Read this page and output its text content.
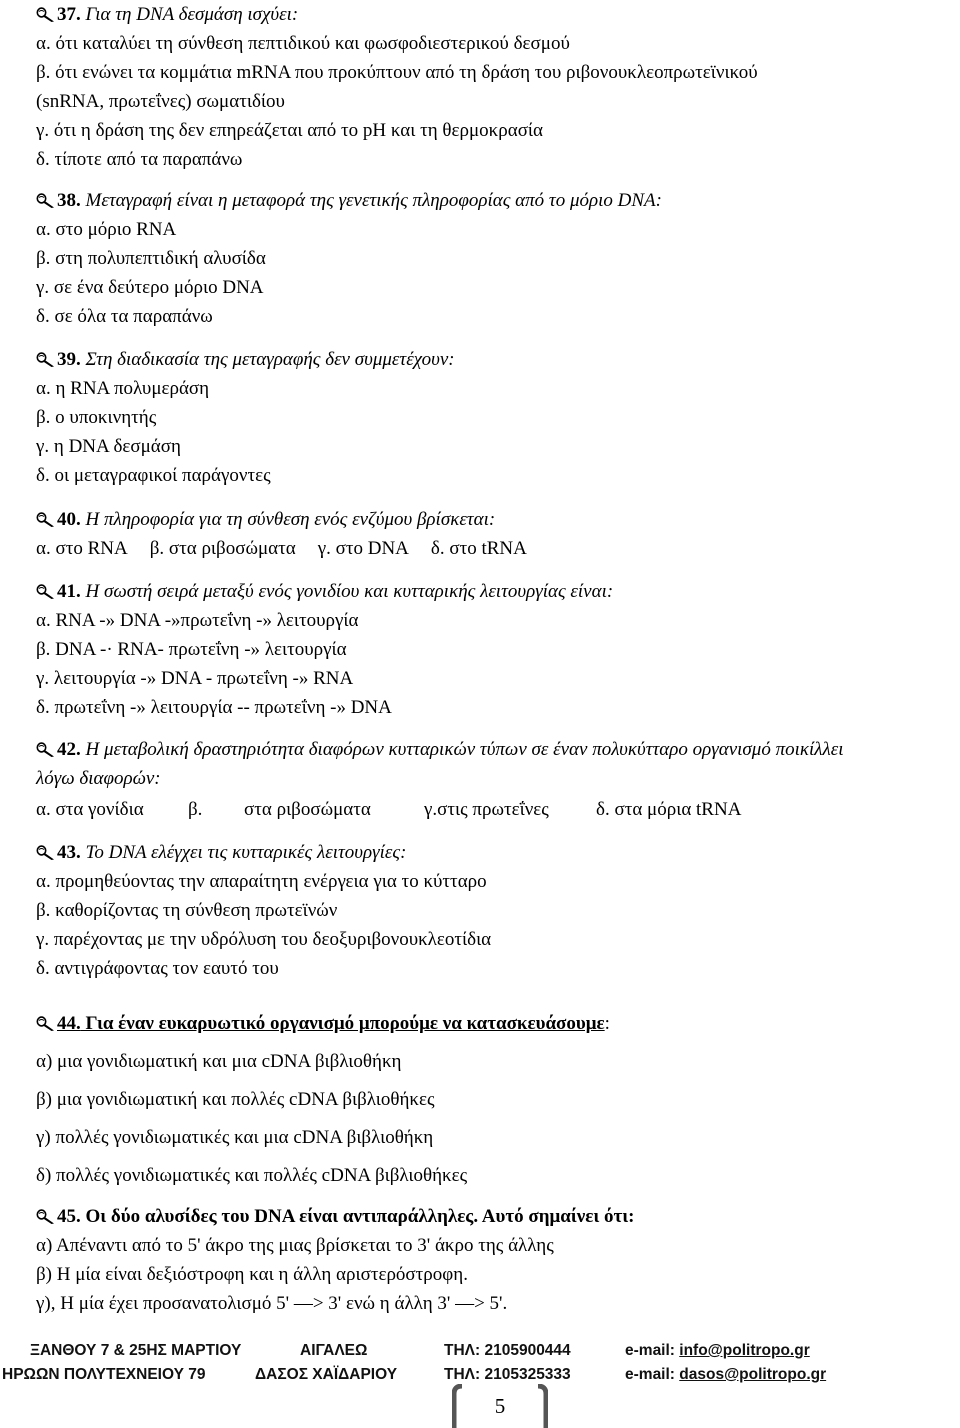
37. Για τη DNA δεσμάση ισχύει:
α. ότι καταλύει τη σύνθεση πεπτιδικού και φωσφοδιεστερικού δεσμού
β. ότι ενώνει τα κομμάτια mRNA που προκύπτουν από τη δράση του ριβονουκλεοπρωτεϊνικού
(snRNA, πρωτεΐνες) σωματιδίου
γ. ότι η δράση της δεν επηρεάζεται από το pH και τη θερμοκρασία
δ. τίποτε από τα παραπάνω
38. Μεταγραφή είναι η μεταφορά της γενετικής πληροφορίας από το μόριο DNA:
α. στο μόριο RNA
β. στη πολυπεπτιδική αλυσίδα
γ. σε ένα δεύτερο μόριο DNA
δ. σε όλα τα παραπάνω
39. Στη διαδικασία της μεταγραφής δεν συμμετέχουν:
α. η RNA πολυμεράση
β. ο υποκινητής
γ. η DNA δεσμάση
δ. οι μεταγραφικοί παράγοντες
40. Η πληροφορία για τη σύνθεση ενός ενζύμου βρίσκεται:
α. στο RNA β. στα ριβοσώματα γ. στο DNA δ. στο tRNA
41. Η σωστή σειρά μεταξύ ενός γονιδίου και κυτταρικής λειτουργίας είναι:
α. RNA -» DNA -»πρωτεΐνη -» λειτουργία
β. DNA -· RNA- πρωτεΐνη -» λειτουργία
γ. λειτουργία -» DNA - πρωτεΐνη -» RNA
δ. πρωτεΐνη -» λειτουργία -- πρωτεΐνη -» DNA
42. Η μεταβολική δραστηριότητα διαφόρων κυτταρικών τύπων σε έναν πολυκύτταρο οργανισμό ποικίλλει
λόγω διαφορών:
α. στα γονίδια β. στα ριβοσώματα	γ.στις πρωτεΐνες δ. στα μόρια tRNA
43. Το DNA ελέγχει τις κυτταρικές λειτουργίες:
α. προμηθεύοντας την απαραίτητη ενέργεια για το κύτταρο
β. καθορίζοντας τη σύνθεση πρωτεϊνών
γ. παρέχοντας με την υδρόλυση του δεοξυριβονουκλεοτίδια
δ. αντιγράφοντας τον εαυτό του
44. Για έναν ευκαρυωτικό οργανισμό μπορούμε να κατασκευάσουμε:
α) μια γονιδιωματική και μια cDNA βιβλιοθήκη
β) μια γονιδιωματική και πολλές cDNA βιβλιοθήκες
γ) πολλές γονιδιωματικές και μια cDNA βιβλιοθήκη
δ) πολλές γονιδιωματικές και πολλές cDNA βιβλιοθήκες
45. Οι δύο αλυσίδες του DNA είναι αντιπαράλληλες. Αυτό σημαίνει ότι:
α) Απέναντι από το 5' άκρο της μιας βρίσκεται το 3' άκρο της άλλης
β) Η μία είναι δεξιόστροφη και η άλλη αριστερόστροφη.
γ), Η μία έχει προσανατολισμό 5' —> 3' ενώ η άλλη 3' —> 5'.
ΞΑΝΘΟΥ 7 & 25ΗΣ ΜΑΡΤΙΟΥ	ΑΙΓΑΛΕΩ	ΤΗΛ: 2105900444	e-mail: info@politropo.gr
ΗΡΩΩΝ ΠΟΛΥΤΕΧΝΕΙΟΥ 79	ΔΑΣΟΣ ΧΑΪΔΑΡΙΟΥ	ΤΗΛ: 2105325333	e-mail: dasos@politropo.gr
5
